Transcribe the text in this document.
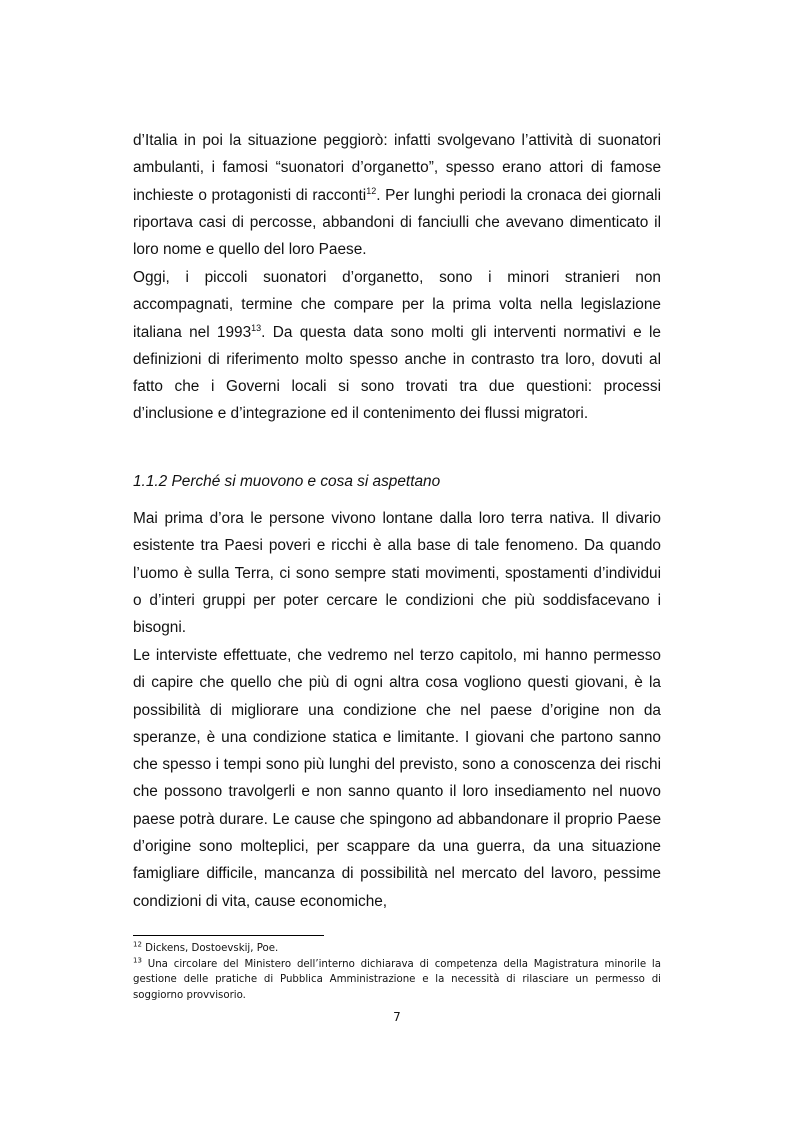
d’Italia in poi la situazione peggiorò: infatti svolgevano l’attività di suonatori ambulanti, i famosi “suonatori d’organetto”, spesso erano attori di famose inchieste o protagonisti di racconti$^{12}$. Per lunghi periodi la cronaca dei giornali riportava casi di percosse, abbandoni di fanciulli che avevano dimenticato il loro nome e quello del loro Paese.

Oggi, i piccoli suonatori d’organetto, sono i minori stranieri non accompagnati, termine che compare per la prima volta nella legislazione italiana nel 1993$^{13}$. Da questa data sono molti gli interventi normativi e le definizioni di riferimento molto spesso anche in contrasto tra loro, dovuti al fatto che i Governi locali si sono trovati tra due questioni: processi d’inclusione e d’integrazione ed il contenimento dei flussi migratori.

1.1.2 Perché si muovono e cosa si aspettano

Mai prima d’ora le persone vivono lontane dalla loro terra nativa. Il divario esistente tra Paesi poveri e ricchi è alla base di tale fenomeno. Da quando l’uomo è sulla Terra, ci sono sempre stati movimenti, spostamenti d’individui o d’interi gruppi per poter cercare le condizioni che più soddisfacevano i bisogni.

Le interviste effettuate, che vedremo nel terzo capitolo, mi hanno permesso di capire che quello che più di ogni altra cosa vogliono questi giovani, è la possibilità di migliorare una condizione che nel paese d’origine non da speranze, è una condizione statica e limitante. I giovani che partono sanno che spesso i tempi sono più lunghi del previsto, sono a conoscenza dei rischi che possono travolgerli e non sanno quanto il loro insediamento nel nuovo paese potrà durare. Le cause che spingono ad abbandonare il proprio Paese d’origine sono molteplici, per scappare da una guerra, da una situazione famigliare difficile, mancanza di possibilità nel mercato del lavoro, pessime condizioni di vita, cause economiche,

$^{12}$ Dickens, Dostoevskij, Poe.

$^{13}$ Una circolare del Ministero dell’interno dichiarava di competenza della Magistratura minorile la gestione delle pratiche di Pubblica Amministrazione e la necessità di rilasciare un permesso di soggiorno provvisorio.

7
